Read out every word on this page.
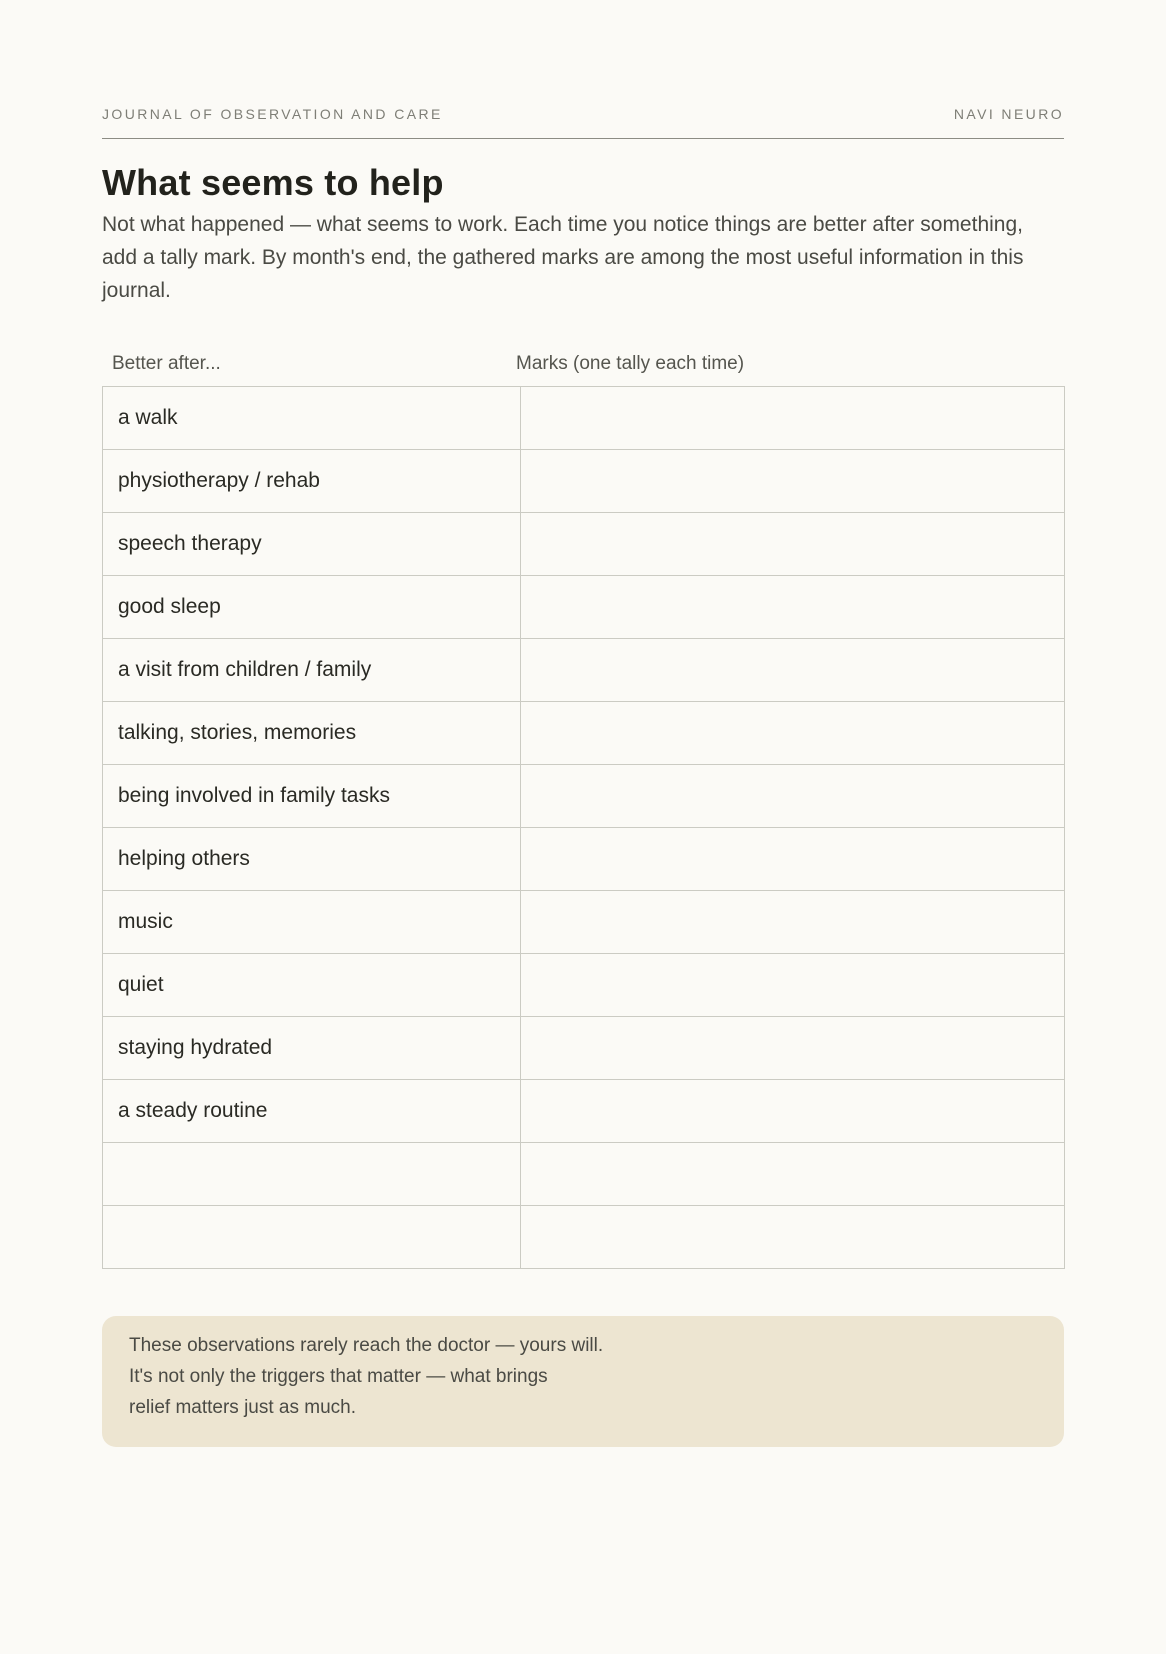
JOURNAL OF OBSERVATION AND CARE	NAVI NEURO
What seems to help

Not what happened — what seems to work. Each time you notice things are better after something, add a tally mark. By month's end, the gathered marks are among the most useful information in this journal.

Better after...	Marks (one tally each time)
a walk	
physiotherapy / rehab	
speech therapy	
good sleep	
a visit from children / family	
talking, stories, memories	
being involved in family tasks	
helping others	
music	
quiet	
staying hydrated	
a steady routine	

These observations rarely reach the doctor — yours will.
It's not only the triggers that matter — what brings
relief matters just as much.
